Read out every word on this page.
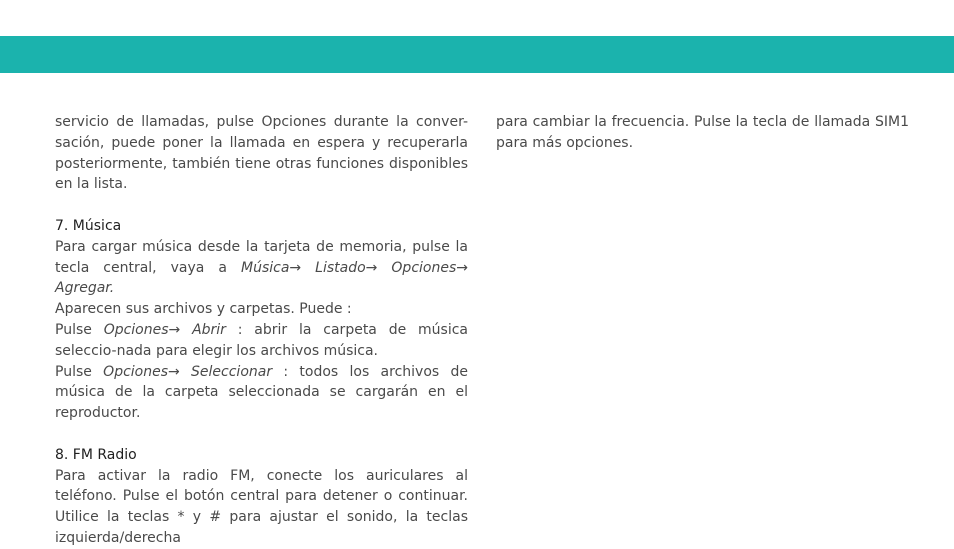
servicio de llamadas, pulse Opciones durante la conver-sación, puede poner la llamada en espera y recuperarla posteriormente, también tiene otras funciones disponibles en la lista.

7. Música

Para cargar música desde la tarjeta de memoria, pulse la tecla central, vaya a Música→ Listado→ Opciones→ Agregar.

Aparecen sus archivos y carpetas. Puede :

Pulse Opciones→ Abrir : abrir la carpeta de música seleccio-nada para elegir los archivos música.

Pulse Opciones→ Seleccionar : todos los archivos de música de la carpeta seleccionada se cargarán en el reproductor.

8. FM Radio

Para activar la radio FM, conecte los auriculares al teléfono. Pulse el botón central para detener o continuar. Utilice la teclas * y # para ajustar el sonido, la teclas izquierda/derecha

para cambiar la frecuencia. Pulse la tecla de llamada SIM1 para más opciones.
